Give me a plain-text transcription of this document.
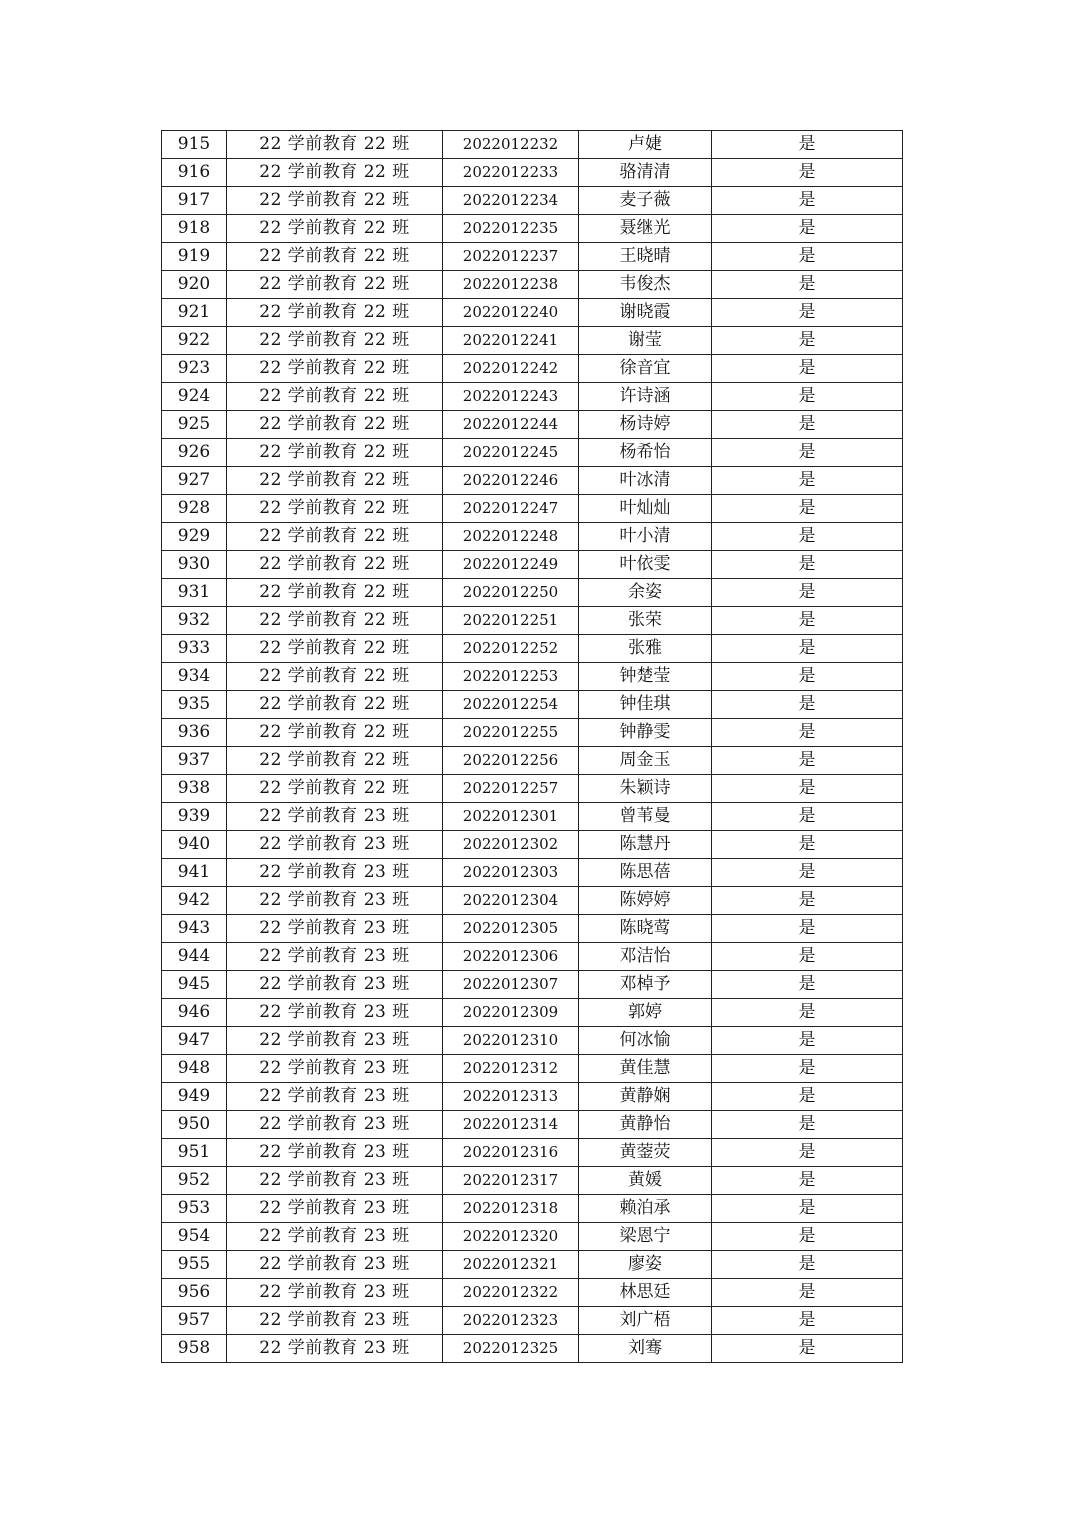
915	22 学前教育 22 班	2022012232	卢婕	是
916	22 学前教育 22 班	2022012233	骆清清	是
917	22 学前教育 22 班	2022012234	麦子薇	是
918	22 学前教育 22 班	2022012235	聂继光	是
919	22 学前教育 22 班	2022012237	王晓晴	是
920	22 学前教育 22 班	2022012238	韦俊杰	是
921	22 学前教育 22 班	2022012240	谢晓霞	是
922	22 学前教育 22 班	2022012241	谢莹	是
923	22 学前教育 22 班	2022012242	徐音宜	是
924	22 学前教育 22 班	2022012243	许诗涵	是
925	22 学前教育 22 班	2022012244	杨诗婷	是
926	22 学前教育 22 班	2022012245	杨希怡	是
927	22 学前教育 22 班	2022012246	叶冰清	是
928	22 学前教育 22 班	2022012247	叶灿灿	是
929	22 学前教育 22 班	2022012248	叶小清	是
930	22 学前教育 22 班	2022012249	叶依雯	是
931	22 学前教育 22 班	2022012250	余姿	是
932	22 学前教育 22 班	2022012251	张荣	是
933	22 学前教育 22 班	2022012252	张雅	是
934	22 学前教育 22 班	2022012253	钟楚莹	是
935	22 学前教育 22 班	2022012254	钟佳琪	是
936	22 学前教育 22 班	2022012255	钟静雯	是
937	22 学前教育 22 班	2022012256	周金玉	是
938	22 学前教育 22 班	2022012257	朱颖诗	是
939	22 学前教育 23 班	2022012301	曾苇曼	是
940	22 学前教育 23 班	2022012302	陈慧丹	是
941	22 学前教育 23 班	2022012303	陈思蓓	是
942	22 学前教育 23 班	2022012304	陈婷婷	是
943	22 学前教育 23 班	2022012305	陈晓莺	是
944	22 学前教育 23 班	2022012306	邓洁怡	是
945	22 学前教育 23 班	2022012307	邓棹予	是
946	22 学前教育 23 班	2022012309	郭婷	是
947	22 学前教育 23 班	2022012310	何冰愉	是
948	22 学前教育 23 班	2022012312	黄佳慧	是
949	22 学前教育 23 班	2022012313	黄静娴	是
950	22 学前教育 23 班	2022012314	黄静怡	是
951	22 学前教育 23 班	2022012316	黄蓥荧	是
952	22 学前教育 23 班	2022012317	黄媛	是
953	22 学前教育 23 班	2022012318	赖泊承	是
954	22 学前教育 23 班	2022012320	梁恩宁	是
955	22 学前教育 23 班	2022012321	廖姿	是
956	22 学前教育 23 班	2022012322	林思廷	是
957	22 学前教育 23 班	2022012323	刘广梧	是
958	22 学前教育 23 班	2022012325	刘骞	是
